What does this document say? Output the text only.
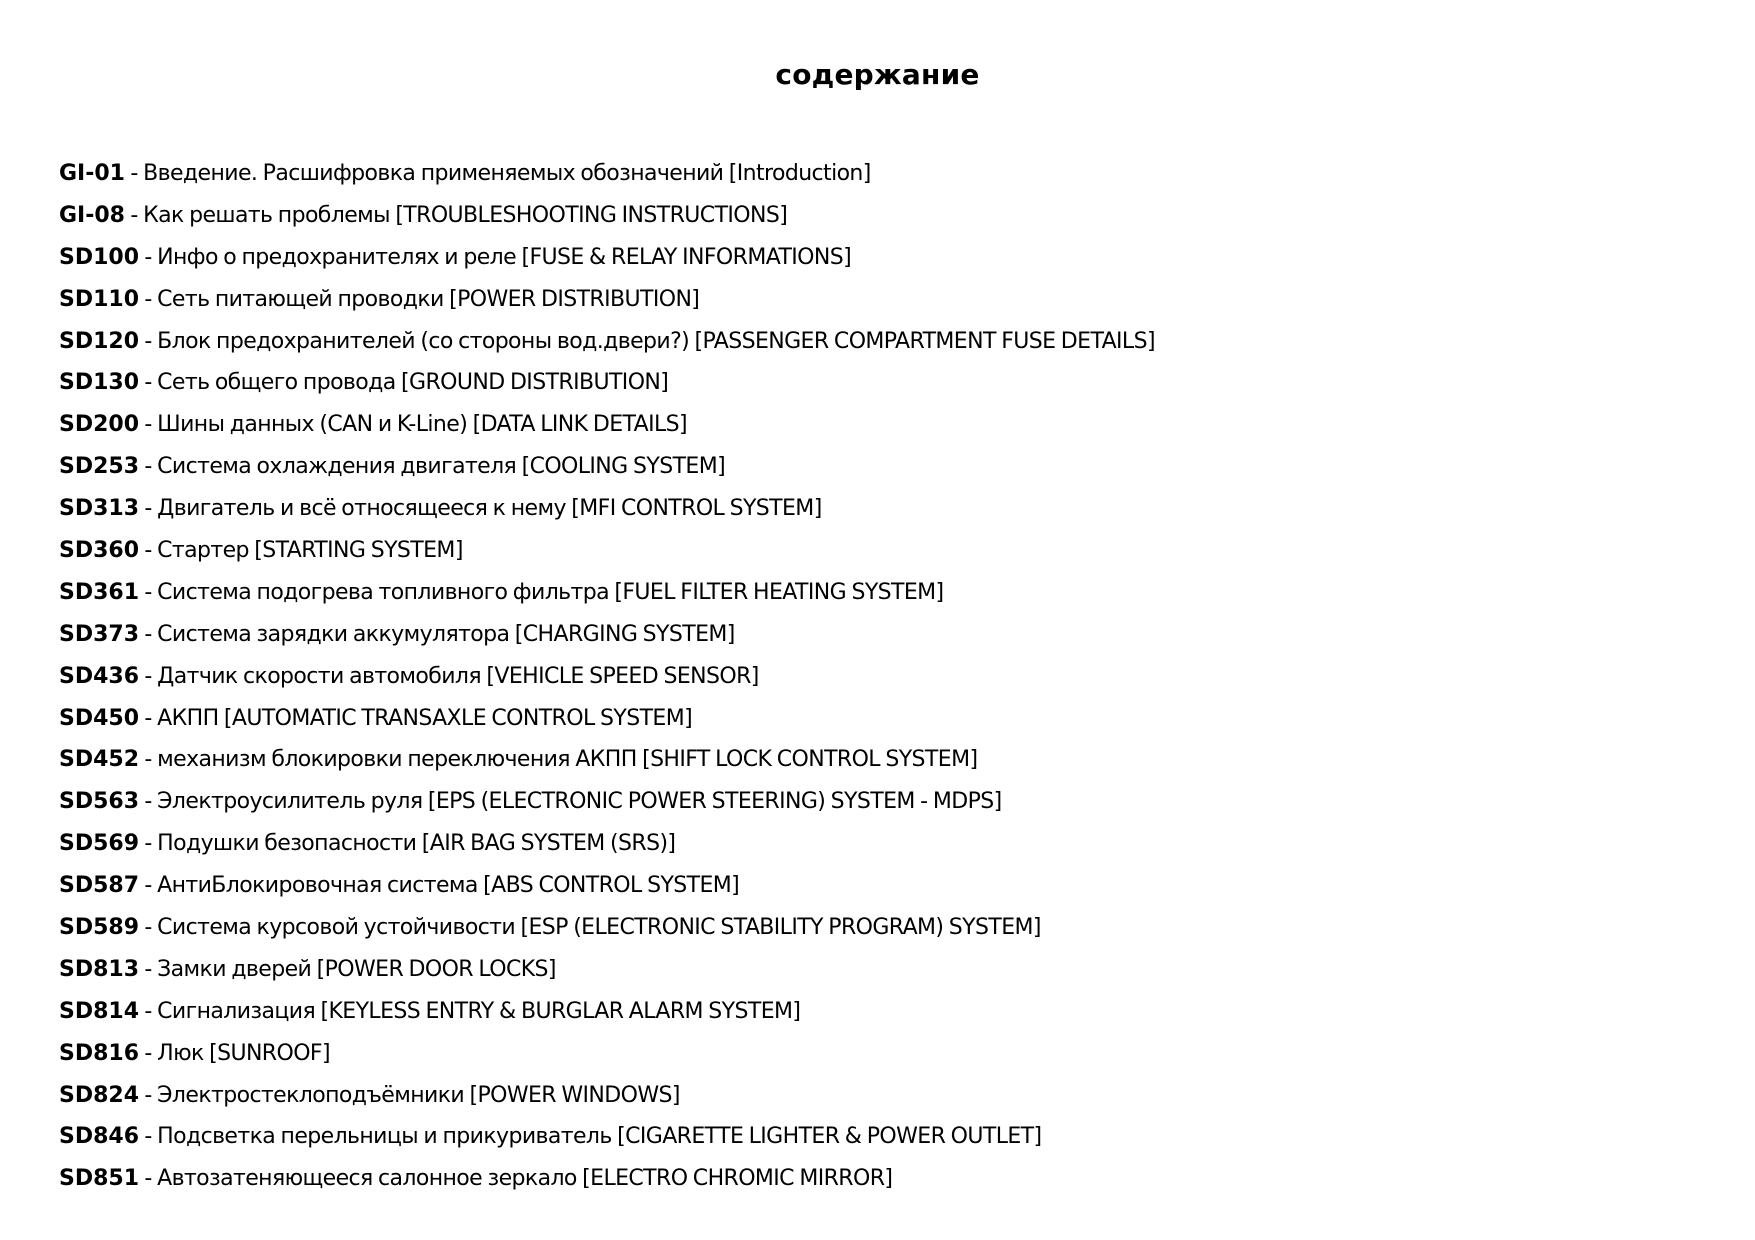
содержание
GI-01 - Введение. Расшифровка применяемых обозначений [Introduction]
GI-08 - Как решать проблемы [TROUBLESHOOTING INSTRUCTIONS]
SD100 - Инфо о предохранителях и реле [FUSE & RELAY INFORMATIONS]
SD110 - Сеть питающей проводки [POWER DISTRIBUTION]
SD120 - Блок предохранителей (со стороны вод.двери?) [PASSENGER COMPARTMENT FUSE DETAILS]
SD130 - Сеть общего провода [GROUND DISTRIBUTION]
SD200 - Шины данных (CAN и K-Line) [DATA LINK DETAILS]
SD253 - Система охлаждения двигателя [COOLING SYSTEM]
SD313 - Двигатель и всё относящееся к нему [MFI CONTROL SYSTEM]
SD360 - Стартер [STARTING SYSTEM]
SD361 - Система подогрева топливного фильтра [FUEL FILTER HEATING SYSTEM]
SD373 - Система зарядки аккумулятора [CHARGING SYSTEM]
SD436 - Датчик скорости автомобиля [VEHICLE SPEED SENSOR]
SD450 - АКПП [AUTOMATIC TRANSAXLE CONTROL SYSTEM]
SD452 - механизм блокировки переключения АКПП [SHIFT LOCK CONTROL SYSTEM]
SD563 - Электроусилитель руля [EPS (ELECTRONIC POWER STEERING) SYSTEM - MDPS]
SD569 - Подушки безопасности [AIR BAG SYSTEM (SRS)]
SD587 - АнтиБлокировочная система [ABS CONTROL SYSTEM]
SD589 - Система курсовой устойчивости [ESP (ELECTRONIC STABILITY PROGRAM) SYSTEM]
SD813 - Замки дверей [POWER DOOR LOCKS]
SD814 - Сигнализация [KEYLESS ENTRY & BURGLAR ALARM SYSTEM]
SD816 - Люк [SUNROOF]
SD824 - Электростеклоподъёмники [POWER WINDOWS]
SD846 - Подсветка перельницы и прикуриватель [CIGARETTE LIGHTER & POWER OUTLET]
SD851 - Автозатеняющееся салонное зеркало [ELECTRO CHROMIC MIRROR]
